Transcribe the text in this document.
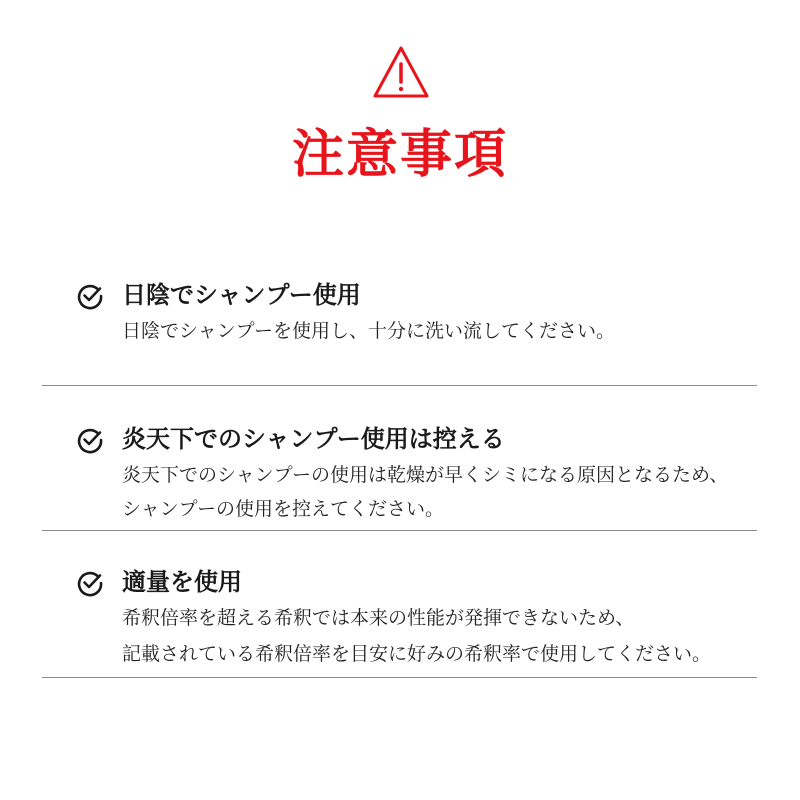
注意事項
日陰でシャンプー使用

日陰でシャンプーを使用し、十分に洗い流してください。

炎天下でのシャンプー使用は控える

炎天下でのシャンプーの使用は乾燥が早くシミになる原因となるため、

シャンプーの使用を控えてください。

適量を使用

希釈倍率を超える希釈では本来の性能が発揮できないため、

記載されている希釈倍率を目安に好みの希釈率で使用してください。
